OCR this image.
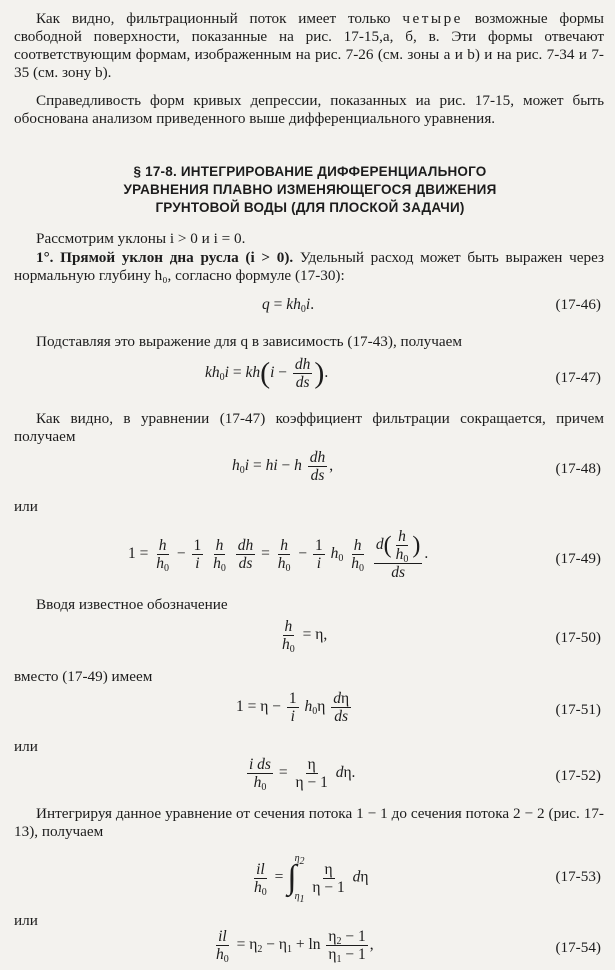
Как видно, фильтрационный поток имеет только четыре возможные формы свободной поверхности, показанные на рис. 17-15,а, б, в. Эти формы отвечают соответствующим формам, изображенным на рис. 7-26 (см. зоны a и b) и на рис. 7-34 и 7-35 (см. зону b).

Справедливость форм кривых депрессии, показанных иа рис. 17-15, может быть обоснована анализом приведенного выше дифференциального уравнения.

§ 17-8. ИНТЕГРИРОВАНИЕ ДИФФЕРЕНЦИАЛЬНОГО
УРАВНЕНИЯ ПЛАВНО ИЗМЕНЯЮЩЕГОСЯ ДВИЖЕНИЯ
ГРУНТОВОЙ ВОДЫ (ДЛЯ ПЛОСКОЙ ЗАДАЧИ)

Рассмотрим уклоны i > 0 и i = 0.

1°. Прямой уклон дна русла (i > 0). Удельный расход может быть выражен через нормальную глубину h₀, согласно формуле (17-30):

$q = kh_0i$.	(17-46)

Подставляя это выражение для q в зависимость (17-43), получаем

$kh_0i = kh(i - \frac{dh}{ds}$ ).	(17-47)

Как видно, в уравнении (17-47) коэффициент фильтрации сокращается, причем получаем

$h_0i$ = hi − h $\frac{dh}{ds}$ ,	(17-48)
или
$1 = \frac{h}{h_0} - \frac{1}{i}$
$\frac{h}{h_0}$
$\frac{dh}{ds} = \frac{h}{h_0} - \frac{1}{i} h_0 \frac{h}{h_0}$
$\frac{d( \frac{h}{h_0} )}{ds}$ .	(17-49)

Вводя известное обозначение

$\frac{h}{h_0} = \eta$,	(17-50)
вместо (17-49) имеем
$1 = \eta - \frac{1}{i} h_0\eta \frac{d\eta}{ds}$	(17-51)
или
$\frac{\text{i ds}}{h_0} = \frac{\eta}{\eta - 1} d\eta$.	(17-52)

Интегрируя данное уравнение от сечения потока 1 − 1 до сечения потока 2 − 2 (рис. 17-13), получаем

$\frac{il}{h_0}$ = ∫
$\eta_2$
$\eta_1$

$\frac{\eta}{\eta - 1}$ dη	(17-53)
или
$\frac{il}{h_0} = \eta_2 - \eta_1 + \ln \frac{\eta_2 - 1}{\eta_1 - 1}$ ,	(17-54)
